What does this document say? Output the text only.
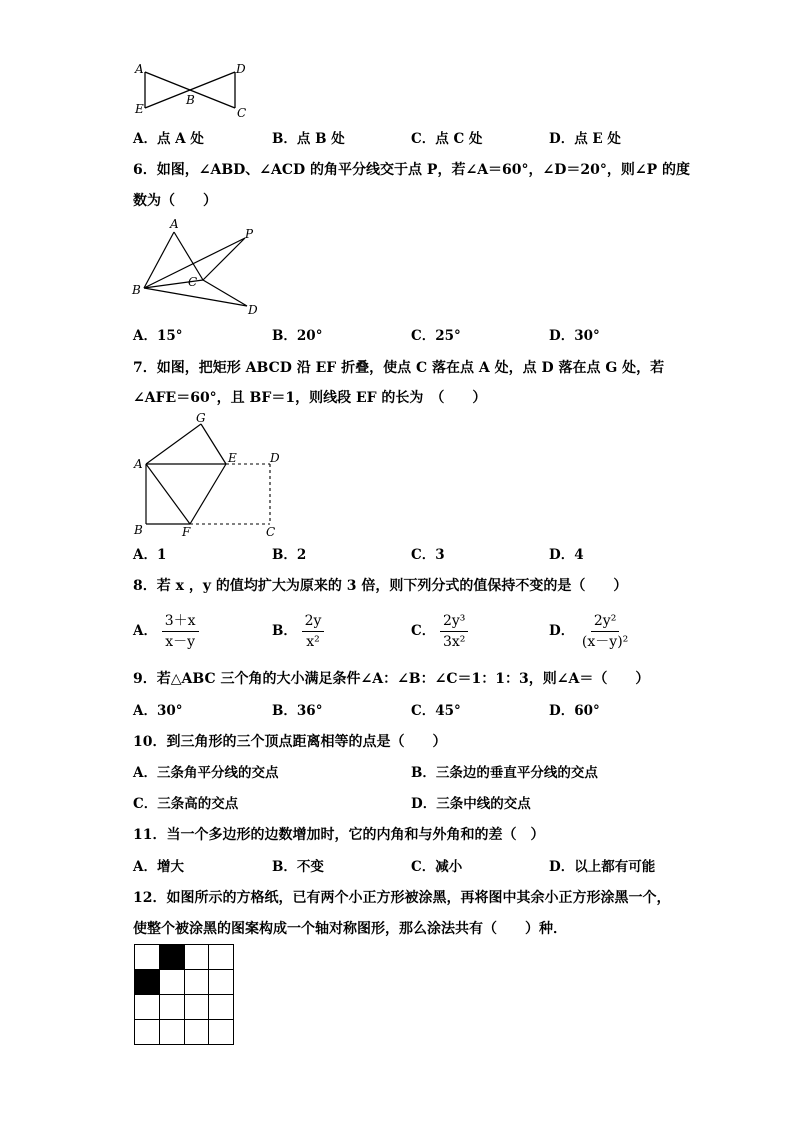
A
E
B
D
C
A．点 A 处	B．点 B 处	C．点 C 处	D．点 E 处
6．如图，∠ABD、∠ACD 的角平分线交于点 P，若∠A＝60°，∠D＝20°，则∠P 的度
数为（　　）
A
P
C
B
D
A．15°	B．20°	C．25°	D．30°
7．如图，把矩形 ABCD 沿 EF 折叠，使点 C 落在点 A 处，点 D 落在点 G 处，若
∠AFE＝60°，且 BF＝1，则线段 EF 的长为　（　　）
G
A	E	D
B	F	C
A．1	B．2	C．3	D．4
8．若 x ，y 的值均扩大为原来的 3 倍，则下列分式的值保持不变的是（　　）
A． $\frac{3+x}{x-y}$	B． $\frac{2y}{\text{x²}}$	C． $\frac{\text{2y³}}{\text{3x²}}$	D． $\frac{\text{2y²}}{\text{(x－y)²}}$
9．若△ABC 三个角的大小满足条件∠A：∠B：∠C＝1：1：3，则∠A＝（　　）
A．30°	B．36°	C．45°	D．60°
10．到三角形的三个顶点距离相等的点是（　　）
A．三条角平分线的交点	B．三条边的垂直平分线的交点
C．三条高的交点	D．三条中线的交点
11．当一个多边形的边数增加时，它的内角和与外角和的差（　）
A．增大	B．不变	C．减小	D．以上都有可能
12．如图所示的方格纸，已有两个小正方形被涂黑，再将图中其余小正方形涂黑一个，
使整个被涂黑的图案构成一个轴对称图形，那么涂法共有（　　）种．
